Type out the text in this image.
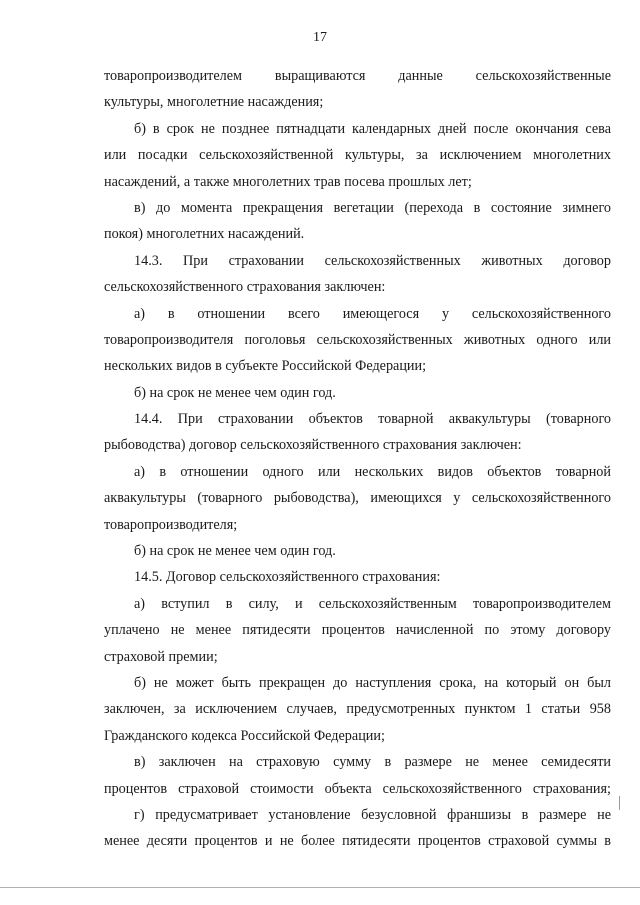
17
товаропроизводителем выращиваются данные сельскохозяйственные
культуры, многолетние насаждения;
б) в срок не позднее пятнадцати календарных дней после окончания сева
или посадки сельскохозяйственной культуры, за исключением многолетних
насаждений, а также многолетних трав посева прошлых лет;
в) до момента прекращения вегетации (перехода в состояние зимнего
покоя) многолетних насаждений.
14.3. При страховании сельскохозяйственных животных договор
сельскохозяйственного страхования заключен:
а) в отношении всего имеющегося у сельскохозяйственного
товаропроизводителя поголовья сельскохозяйственных животных одного или
нескольких видов в субъекте Российской Федерации;
б) на срок не менее чем один год.
14.4. При страховании объектов товарной аквакультуры (товарного
рыбоводства) договор сельскохозяйственного страхования заключен:
а) в отношении одного или нескольких видов объектов товарной
аквакультуры (товарного рыбоводства), имеющихся у сельскохозяйственного
товаропроизводителя;
б) на срок не менее чем один год.
14.5. Договор сельскохозяйственного страхования:
а) вступил в силу, и сельскохозяйственным товаропроизводителем
уплачено не менее пятидесяти процентов начисленной по этому договору
страховой премии;
б) не может быть прекращен до наступления срока, на который он был
заключен, за исключением случаев, предусмотренных пунктом 1 статьи 958
Гражданского кодекса Российской Федерации;
в) заключен на страховую сумму в размере не менее семидесяти
процентов страховой стоимости объекта сельскохозяйственного страхования;
г) предусматривает установление безусловной франшизы в размере не
менее десяти процентов и не более пятидесяти процентов страховой суммы в
